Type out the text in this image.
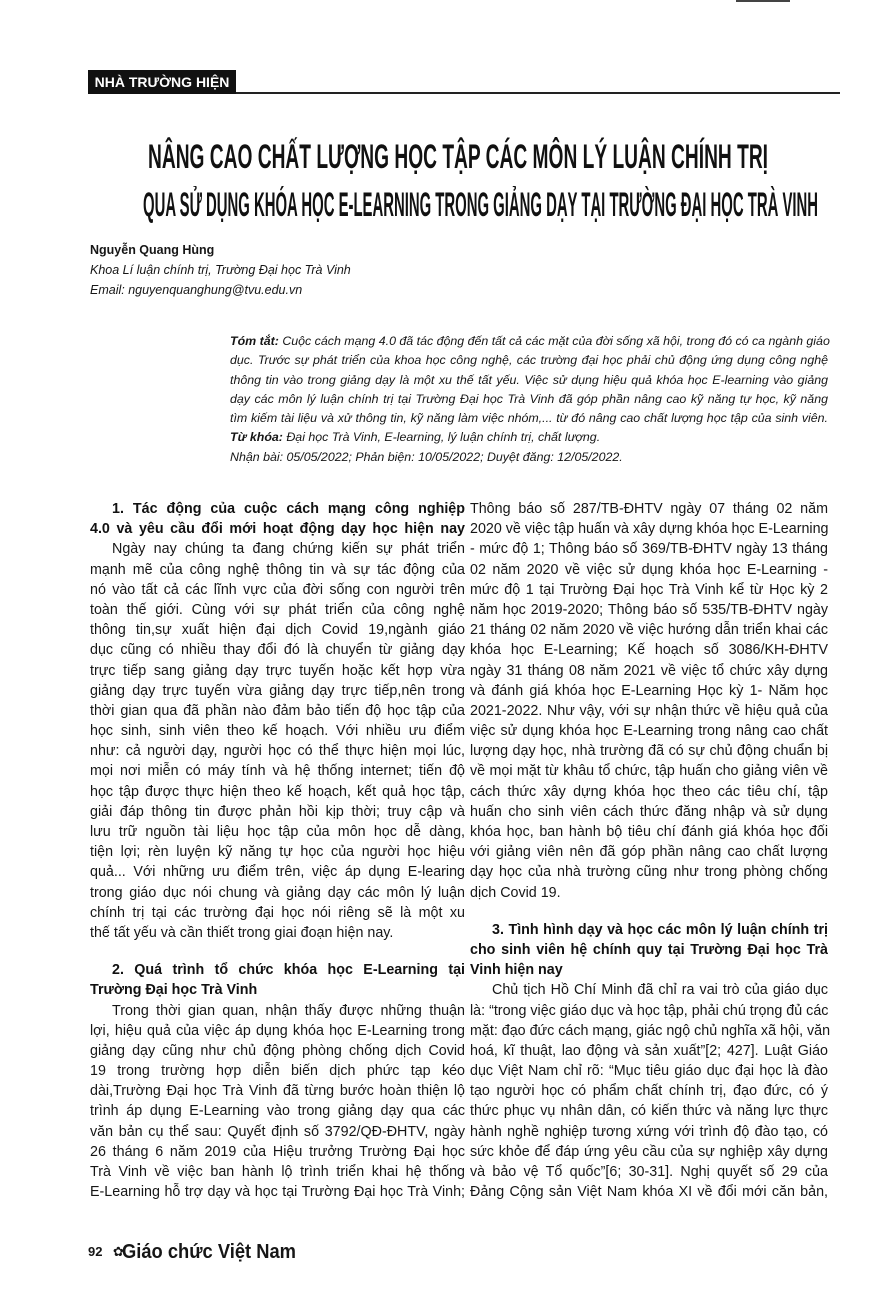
NHÀ TRƯỜNG HIỆN ĐẠI
NÂNG CAO CHẤT LƯỢNG HỌC TẬP CÁC MÔN LÝ LUẬN CHÍNH TRỊ
QUA SỬ DỤNG KHÓA HỌC E-LEARNING TRONG GIẢNG DẠY TẠI TRƯỜNG ĐẠI HỌC TRÀ VINH
Nguyễn Quang Hùng
Khoa Lí luận chính trị, Trường Đại học Trà Vinh
Email: nguyenquanghung@tvu.edu.vn
Tóm tắt: Cuộc cách mạng 4.0 đã tác động đến tất cả các mặt của đời sống xã hội, trong đó có ca ngành giáo
dục. Trước sự phát triển của khoa học công nghệ, các trường đại học phải chủ động ứng dụng công nghệ
thông tin vào trong giảng dạy là một xu thế tất yếu. Việc sử dụng hiệu quả khóa học E-learning vào giảng
dạy các môn lý luận chính trị tại Trường Đại học Trà Vinh đã góp phần nâng cao kỹ năng tự học, kỹ năng
tìm kiếm tài liệu và xử thông tin, kỹ năng làm việc nhóm,... từ đó nâng cao chất lượng học tập của sinh viên.
Từ khóa: Đại học Trà Vinh, E-learning, lý luận chính trị, chất lượng.
Nhận bài: 05/05/2022; Phản biện: 10/05/2022; Duyệt đăng: 12/05/2022.
1. Tác động của cuộc cách mạng công nghiệp
4.0 và yêu cầu đổi mới hoạt động dạy học hiện nay
Ngày nay chúng ta đang chứng kiến sự phát triển
mạnh mẽ của công nghệ thông tin và sự tác động của
nó vào tất cả các lĩnh vực của đời sống con người trên
toàn thế giới. Cùng với sự phát triển của công nghệ
thông tin,sự xuất hiện đại dịch Covid 19,ngành giáo
dục cũng có nhiều thay đổi đó là chuyển từ giảng dạy
trực tiếp sang giảng dạy trực tuyến hoặc kết hợp vừa
giảng dạy trực tuyến vừa giảng dạy trực tiếp,nên trong
thời gian qua đã phần nào đảm bảo tiến độ học tập của
học sinh, sinh viên theo kế hoạch. Với nhiều ưu điểm
như: cả người dạy, người học có thể thực hiện mọi lúc,
mọi nơi miễn có máy tính và hệ thống internet; tiến độ
học tập được thực hiện theo kế hoạch, kết quả học tập,
giải đáp thông tin được phản hồi kịp thời; truy cập và
lưu trữ nguồn tài liệu học tập của môn học dễ dàng,
tiện lợi; rèn luyện kỹ năng tự học của người học hiệu
quả... Với những ưu điểm trên, việc áp dụng E-learing
trong giáo dục nói chung và giảng dạy các môn lý luận
chính trị tại các trường đại học nói riêng sẽ là một xu
thế tất yếu và cần thiết trong giai đoạn hiện nay.
2. Quá trình tổ chức khóa học E-Learning tại
Trường Đại học Trà Vinh
Trong thời gian quan, nhận thấy được những thuận
lợi, hiệu quả của việc áp dụng khóa học E-Learning trong
giảng dạy cũng như chủ động phòng chống dịch Covid
19 trong trường hợp diễn biến dịch phức tạp kéo
dài,Trường Đại học Trà Vinh đã từng bước hoàn thiện lộ
trình áp dụng E-Learning vào trong giảng dạy qua các
văn bản cụ thể sau: Quyết định số 3792/QĐ-ĐHTV, ngày
26 tháng 6 năm 2019 của Hiệu trưởng Trường Đại học
Trà Vinh về việc ban hành lộ trình triển khai hệ thống
E-Learning hỗ trợ dạy và học tại Trường Đại học Trà Vinh;
Thông báo số 287/TB-ĐHTV ngày 07 tháng 02 năm
2020 về việc tập huấn và xây dựng khóa học E-Learning
- mức độ 1; Thông báo số 369/TB-ĐHTV ngày 13 tháng
02 năm 2020 về việc sử dụng khóa học E-Learning -
mức độ 1 tại Trường Đại học Trà Vinh kể từ Học kỳ 2
năm học 2019-2020; Thông báo số 535/TB-ĐHTV ngày
21 tháng 02 năm 2020 về việc hướng dẫn triển khai các
khóa học E-Learning; Kế hoạch số 3086/KH-ĐHTV
ngày 31 tháng 08 năm 2021 về việc tổ chức xây dựng
và đánh giá khóa học E-Learning Học kỳ 1- Năm học
2021-2022. Như vậy, với sự nhận thức về hiệu quả của
việc sử dụng khóa học E-Learning trong nâng cao chất
lượng dạy học, nhà trường đã có sự chủ động chuẩn bị
về mọi mặt từ khâu tổ chức, tập huấn cho giảng viên về
cách thức xây dựng khóa học theo các tiêu chí, tập
huấn cho sinh viên cách thức đăng nhập và sử dụng
khóa học, ban hành bộ tiêu chí đánh giá khóa học đối
với giảng viên nên đã góp phần nâng cao chất lượng
dạy học của nhà trường cũng như trong phòng chống
dịch Covid 19.
3. Tình hình dạy và học các môn lý luận chính trị
cho sinh viên hệ chính quy tại Trường Đại học Trà
Vinh hiện nay
Chủ tịch Hồ Chí Minh đã chỉ ra vai trò của giáo dục
là: “trong việc giáo dục và học tập, phải chú trọng đủ các
mặt: đạo đức cách mạng, giác ngộ chủ nghĩa xã hội, văn
hoá, kĩ thuật, lao động và sản xuất”[2; 427]. Luật Giáo
dục Việt Nam chỉ rõ: “Mục tiêu giáo dục đại học là đào
tạo người học có phẩm chất chính trị, đạo đức, có ý
thức phục vụ nhân dân, có kiến thức và năng lực thực
hành nghề nghiệp tương xứng với trình độ đào tạo, có
sức khỏe để đáp ứng yêu cầu của sự nghiệp xây dựng
và bảo vệ Tổ quốc”[6; 30-31]. Nghị quyết số 29 của
Đảng Cộng sản Việt Nam khóa XI về đổi mới căn bản,
92 ✿
Giáo chức Việt Nam
